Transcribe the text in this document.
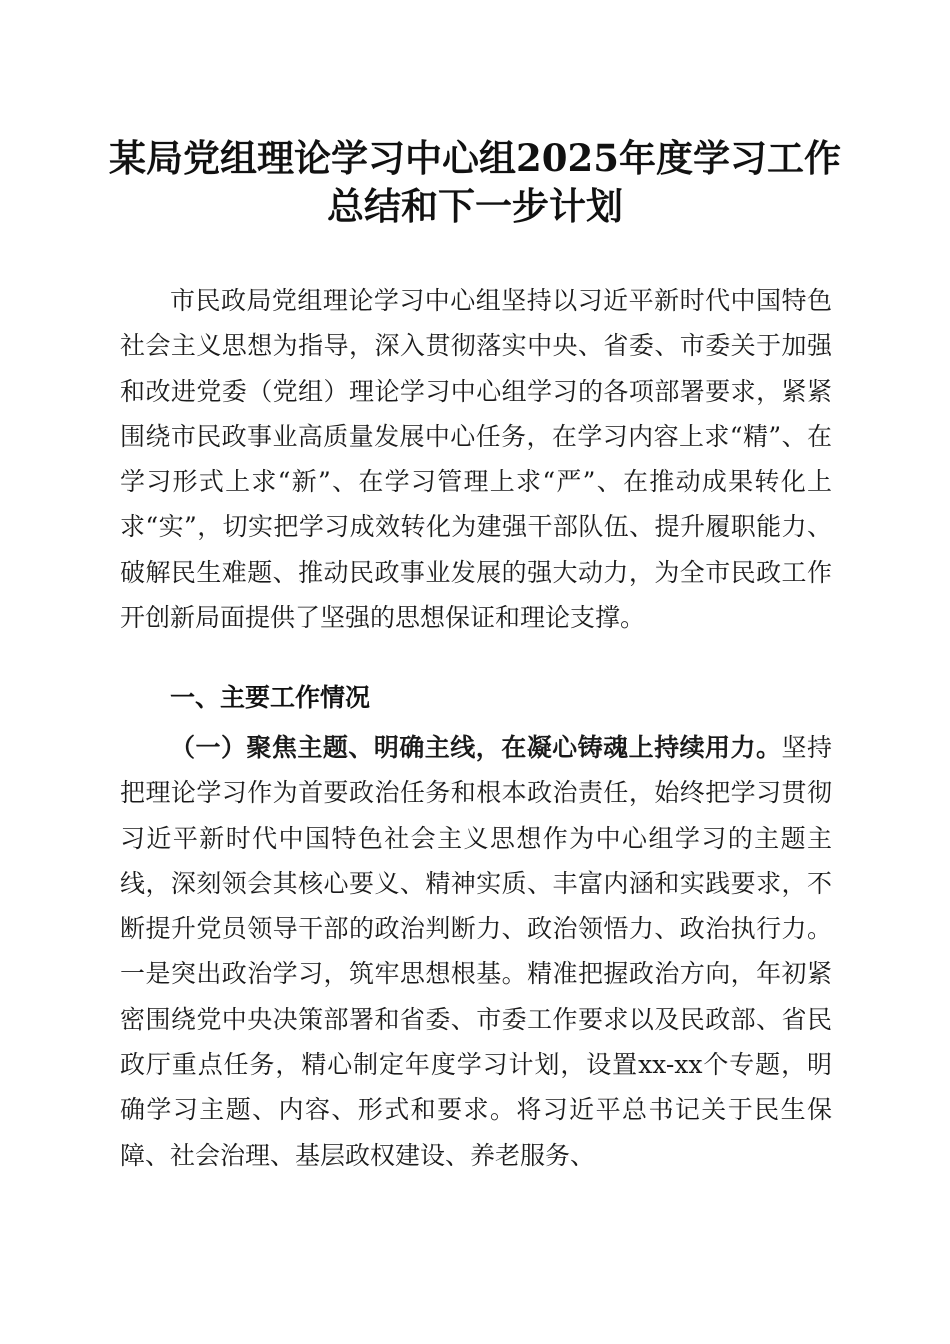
某局党组理论学习中心组2025年度学习工作
总结和下一步计划

市民政局党组理论学习中心组坚持以习近平新时代中国特色社会主义思想为指导，深入贯彻落实中央、省委、市委关于加强和改进党委（党组）理论学习中心组学习的各项部署要求，紧紧围绕市民政事业高质量发展中心任务，在学习内容上求“精”、在学习形式上求“新”、在学习管理上求“严”、在推动成果转化上求“实”，切实把学习成效转化为建强干部队伍、提升履职能力、破解民生难题、推动民政事业发展的强大动力，为全市民政工作开创新局面提供了坚强的思想保证和理论支撑。

一、主要工作情况

（一）聚焦主题、明确主线，在凝心铸魂上持续用力。坚持把理论学习作为首要政治任务和根本政治责任，始终把学习贯彻习近平新时代中国特色社会主义思想作为中心组学习的主题主线，深刻领会其核心要义、精神实质、丰富内涵和实践要求，不断提升党员领导干部的政治判断力、政治领悟力、政治执行力。一是突出政治学习，筑牢思想根基。精准把握政治方向，年初紧密围绕党中央决策部署和省委、市委工作要求以及民政部、省民政厅重点任务，精心制定年度学习计划，设置xx-xx个专题，明确学习主题、内容、形式和要求。将习近平总书记关于民生保障、社会治理、基层政权建设、养老服务、
